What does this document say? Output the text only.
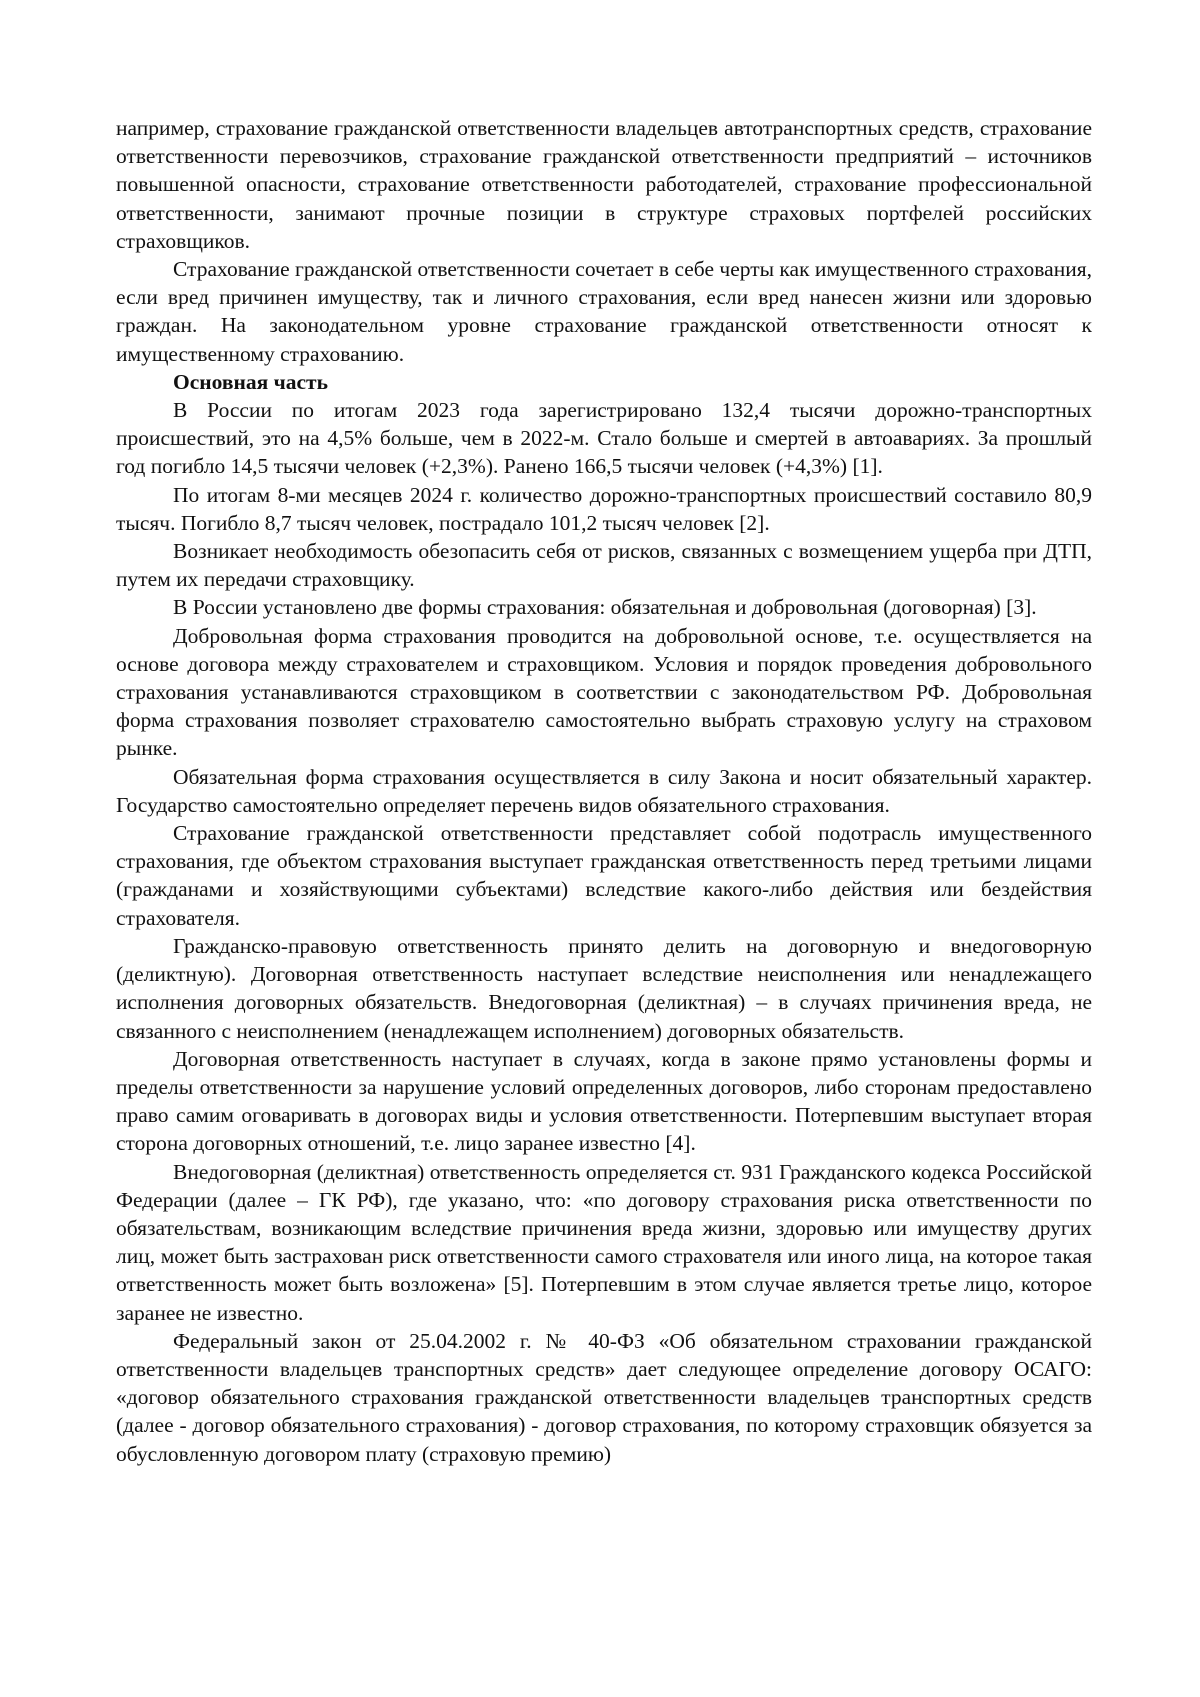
например, страхование гражданской ответственности владельцев автотранспортных средств, страхование ответственности перевозчиков, страхование гражданской ответственности предприятий – источников повышенной опасности, страхование ответственности работодателей, страхование профессиональной ответственности, занимают прочные позиции в структуре страховых портфелей российских страховщиков.

Страхование гражданской ответственности сочетает в себе черты как имущественного страхования, если вред причинен имуществу, так и личного страхования, если вред нанесен жизни или здоровью граждан. На законодательном уровне страхование гражданской ответственности относят к имущественному страхованию.

Основная часть

В России по итогам 2023 года зарегистрировано 132,4 тысячи дорожно-транспортных происшествий, это на 4,5% больше, чем в 2022-м. Стало больше и смертей в автоавариях. За прошлый год погибло 14,5 тысячи человек (+2,3%). Ранено 166,5 тысячи человек (+4,3%) [1].

По итогам 8-ми месяцев 2024 г. количество дорожно-транспортных происшествий составило 80,9 тысяч. Погибло 8,7 тысяч человек, пострадало 101,2 тысяч человек [2].

Возникает необходимость обезопасить себя от рисков, связанных с возмещением ущерба при ДТП, путем их передачи страховщику.

В России установлено две формы страхования: обязательная и добровольная (договорная) [3].

Добровольная форма страхования проводится на добровольной основе, т.е. осуществляется на основе договора между страхователем и страховщиком. Условия и порядок проведения добровольного страхования устанавливаются страховщиком в соответствии с законодательством РФ. Добровольная форма страхования позволяет страхователю самостоятельно выбрать страховую услугу на страховом рынке.

Обязательная форма страхования осуществляется в силу Закона и носит обязательный характер. Государство самостоятельно определяет перечень видов обязательного страхования.

Страхование гражданской ответственности представляет собой подотрасль имущественного страхования, где объектом страхования выступает гражданская ответственность перед третьими лицами (гражданами и хозяйствующими субъектами) вследствие какого-либо действия или бездействия страхователя.

Гражданско-правовую ответственность принято делить на договорную и внедоговорную (деликтную). Договорная ответственность наступает вследствие неисполнения или ненадлежащего исполнения договорных обязательств. Внедоговорная (деликтная) – в случаях причинения вреда, не связанного с неисполнением (ненадлежащем исполнением) договорных обязательств.

Договорная ответственность наступает в случаях, когда в законе прямо установлены формы и пределы ответственности за нарушение условий определенных договоров, либо сторонам предоставлено право самим оговаривать в договорах виды и условия ответственности. Потерпевшим выступает вторая сторона договорных отношений, т.е. лицо заранее известно [4].

Внедоговорная (деликтная) ответственность определяется ст. 931 Гражданского кодекса Российской Федерации (далее – ГК РФ), где указано, что: «по договору страхования риска ответственности по обязательствам, возникающим вследствие причинения вреда жизни, здоровью или имуществу других лиц, может быть застрахован риск ответственности самого страхователя или иного лица, на которое такая ответственность может быть возложена» [5]. Потерпевшим в этом случае является третье лицо, которое заранее не известно.

Федеральный закон от 25.04.2002 г. № 40-ФЗ «Об обязательном страховании гражданской ответственности владельцев транспортных средств» дает следующее определение договору ОСАГО: «договор обязательного страхования гражданской ответственности владельцев транспортных средств (далее - договор обязательного страхования) - договор страхования, по которому страховщик обязуется за обусловленную договором плату (страховую премию)
